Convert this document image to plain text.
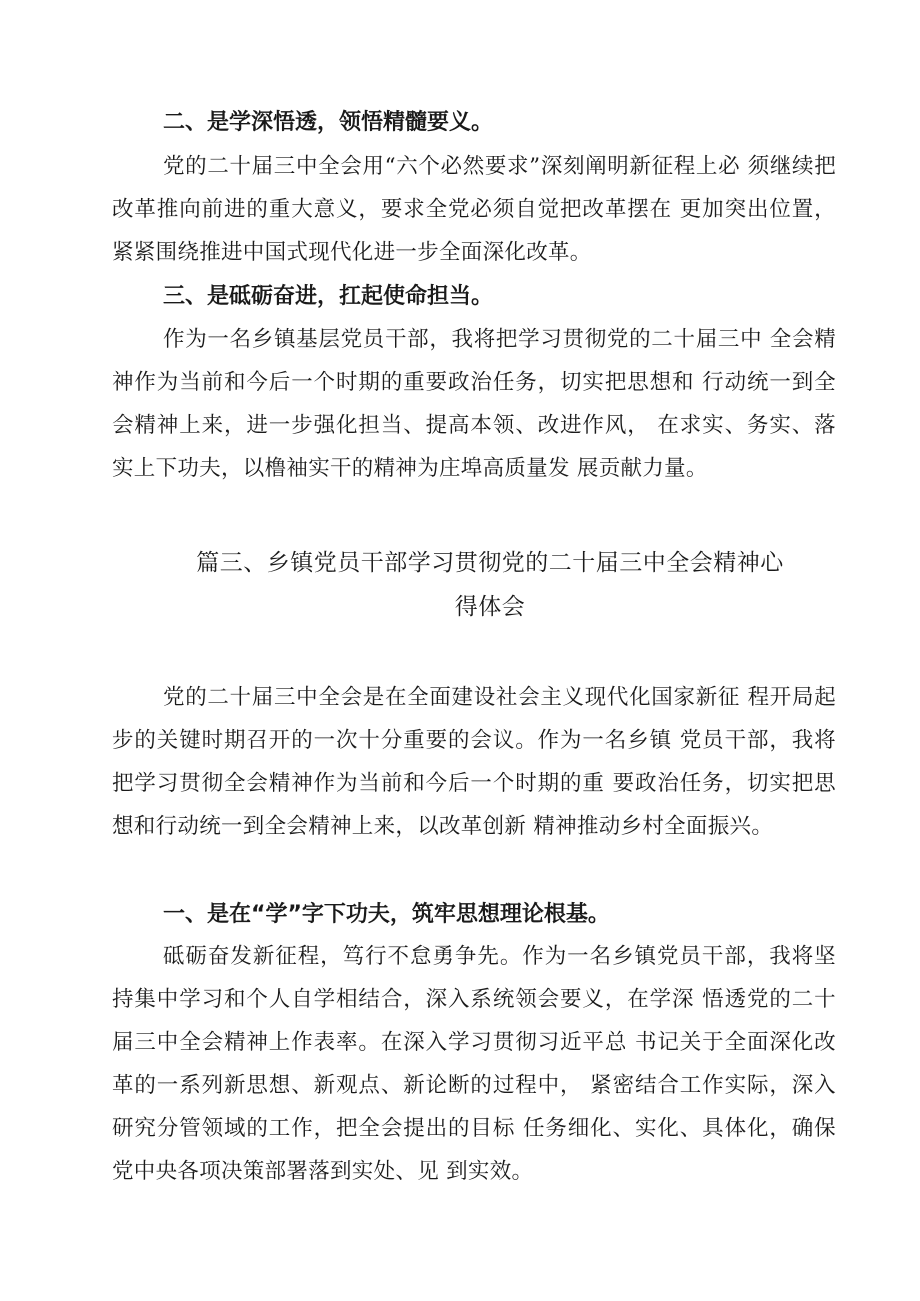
二、是学深悟透，领悟精髓要义。
党的二十届三中全会用“六个必然要求”深刻阐明新征程上必 须继续把改革推向前进的重大意义，要求全党必须自觉把改革摆在 更加突出位置，紧紧围绕推进中国式现代化进一步全面深化改革。
三、是砥砺奋进，扛起使命担当。
作为一名乡镇基层党员干部，我将把学习贯彻党的二十届三中 全会精神作为当前和今后一个时期的重要政治任务，切实把思想和 行动统一到全会精神上来，进一步强化担当、提高本领、改进作风， 在求实、务实、落实上下功夫，以橹袖实干的精神为庄埠高质量发 展贡献力量。
篇三、乡镇党员干部学习贯彻党的二十届三中全会精神心
得体会
党的二十届三中全会是在全面建设社会主义现代化国家新征 程开局起步的关键时期召开的一次十分重要的会议。作为一名乡镇 党员干部，我将把学习贯彻全会精神作为当前和今后一个时期的重 要政治任务，切实把思想和行动统一到全会精神上来，以改革创新 精神推动乡村全面振兴。
一、是在“学”字下功夫，筑牢思想理论根基。
砥砺奋发新征程，笃行不怠勇争先。作为一名乡镇党员干部，我将坚持集中学习和个人自学相结合，深入系统领会要义，在学深 悟透党的二十届三中全会精神上作表率。在深入学习贯彻习近平总 书记关于全面深化改革的一系列新思想、新观点、新论断的过程中， 紧密结合工作实际，深入研究分管领域的工作，把全会提出的目标 任务细化、实化、具体化，确保党中央各项决策部署落到实处、见 到实效。
